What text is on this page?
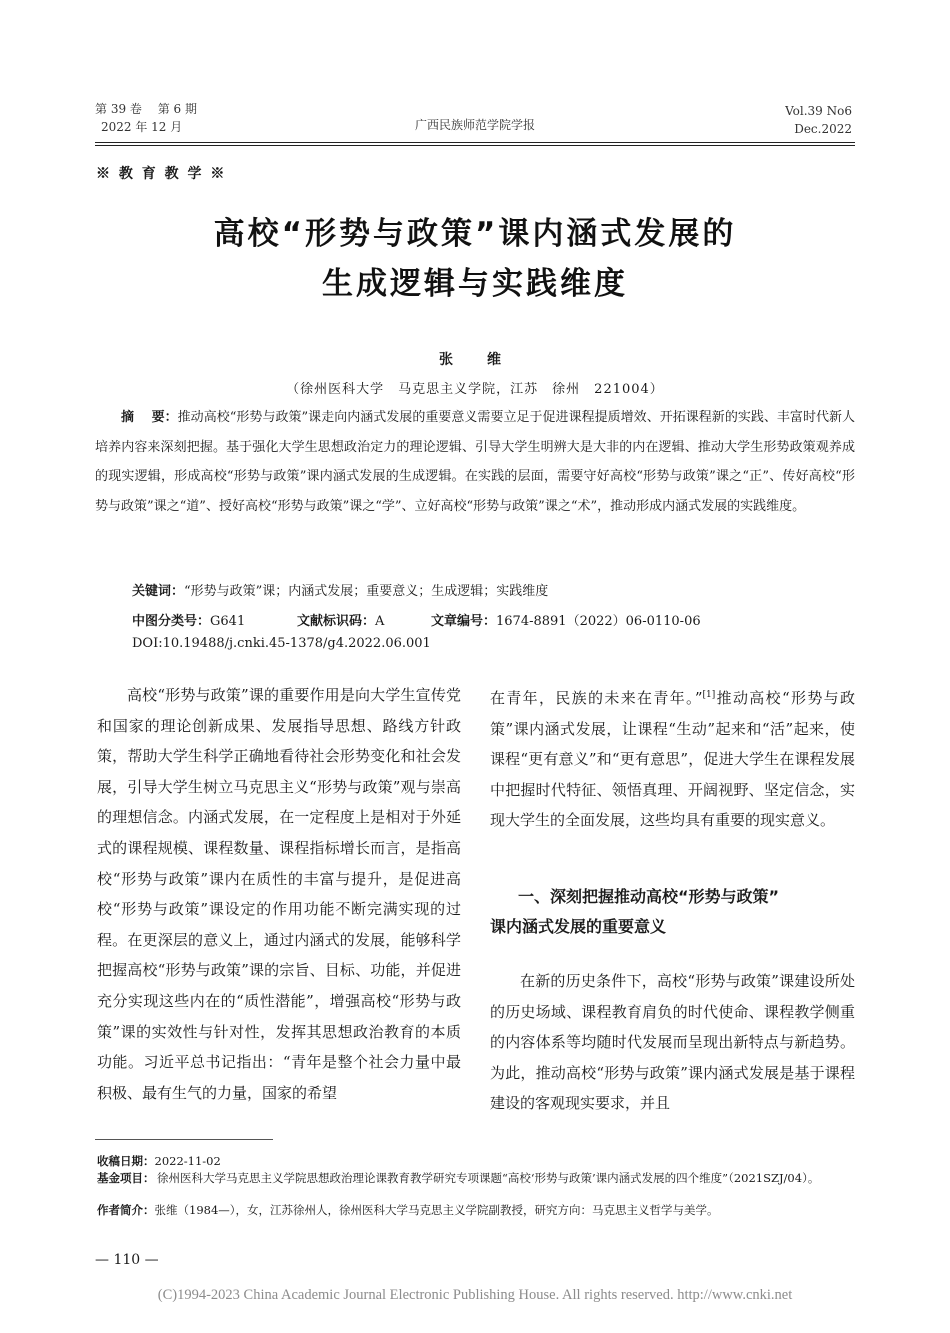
第 39 卷　 第 6 期
2022 年 12 月	广西民族师范学院学报
Vol.39 No6
Dec.2022
※ 教 育 教 学 ※
高校“形势与政策”课内涵式发展的
生成逻辑与实践维度
张　维
（徐州医科大学　马克思主义学院，江苏　徐州　221004）
摘　 要：推动高校“形势与政策”课走向内涵式发展的重要意义需要立足于促进课程提质增效、开拓课程新的实践、丰富时代新人培养内容来深刻把握。基于强化大学生思想政治定力的理论逻辑、引导大学生明辨大是大非的内在逻辑、推动大学生形势政策观养成的现实逻辑，形成高校“形势与政策”课内涵式发展的生成逻辑。在实践的层面，需要守好高校“形势与政策”课之“正”、传好高校“形势与政策”课之“道”、授好高校“形势与政策”课之“学”、立好高校“形势与政策”课之“术”，推动形成内涵式发展的实践维度。
关键词：“形势与政策”课；内涵式发展；重要意义；生成逻辑；实践维度
中图分类号：G641	文献标识码：A	文章编号：1674-8891（2022）06-0110-06
DOI:10.19488/j.cnki.45-1378/g4.2022.06.001

高校“形势与政策”课的重要作用是向大学生宣传党和国家的理论创新成果、发展指导思想、路线方针政策，帮助大学生科学正确地看待社会形势变化和社会发展，引导大学生树立马克思主义“形势与政策”观与崇高的理想信念。内涵式发展，在一定程度上是相对于外延式的课程规模、课程数量、课程指标增长而言，是指高校“形势与政策”课内在质性的丰富与提升，是促进高校“形势与政策”课设定的作用功能不断完满实现的过程。在更深层的意义上，通过内涵式的发展，能够科学把握高校“形势与政策”课的宗旨、目标、功能，并促进充分实现这些内在的“质性潜能”，增强高校“形势与政策”课的实效性与针对性，发挥其思想政治教育的本质功能。习近平总书记指出：“青年是整个社会力量中最积极、最有生气的力量，国家的希望

在青年，民族的未来在青年。”[1]推动高校“形势与政策”课内涵式发展，让课程“生动”起来和“活”起来，使课程“更有意义”和“更有意思”，促进大学生在课程发展中把握时代特征、领悟真理、开阔视野、坚定信念，实现大学生的全面发展，这些均具有重要的现实意义。

一、深刻把握推动高校“形势与政策”
课内涵式发展的重要意义

在新的历史条件下，高校“形势与政策”课建设所处的历史场域、课程教育肩负的时代使命、课程教学侧重的内容体系等均随时代发展而呈现出新特点与新趋势。为此，推动高校“形势与政策”课内涵式发展是基于课程建设的客观现实要求，并且

收稿日期：2022-11-02
基金项目： 徐州医科大学马克思主义学院思想政治理论课教育教学研究专项课题“高校‘形势与政策’课内涵式发展的四个维度”（2021SZJ/04）。
作者简介：张维（1984—），女，江苏徐州人，徐州医科大学马克思主义学院副教授，研究方向：马克思主义哲学与美学。
— 110 —
(C)1994-2023 China Academic Journal Electronic Publishing House. All rights reserved. http://www.cnki.net
